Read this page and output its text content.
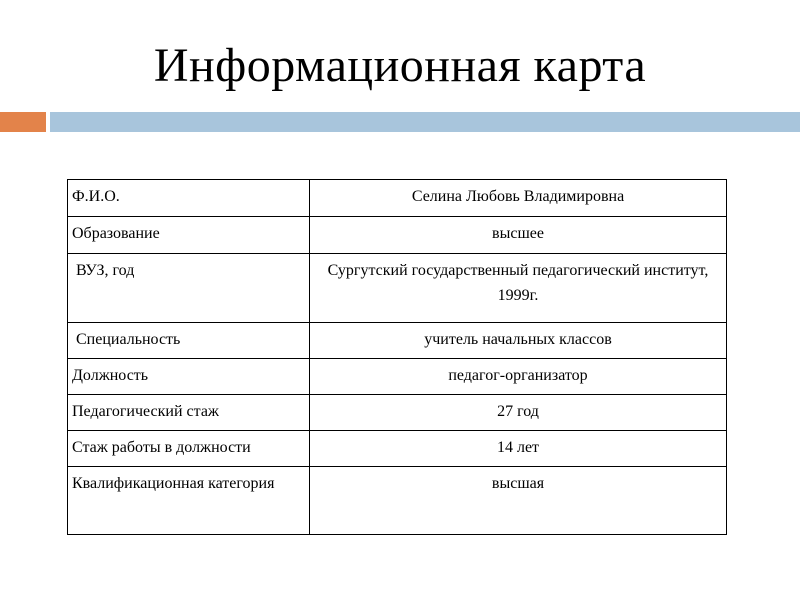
Информационная карта
Ф.И.О.	Селина Любовь Владимировна
Образование	высшее
ВУЗ, год	Сургутский государственный педагогический институт, 1999г.
Специальность	учитель начальных классов
Должность	педагог-организатор
Педагогический стаж	27 год
Стаж работы в должности	14 лет
Квалификационная категория	высшая
